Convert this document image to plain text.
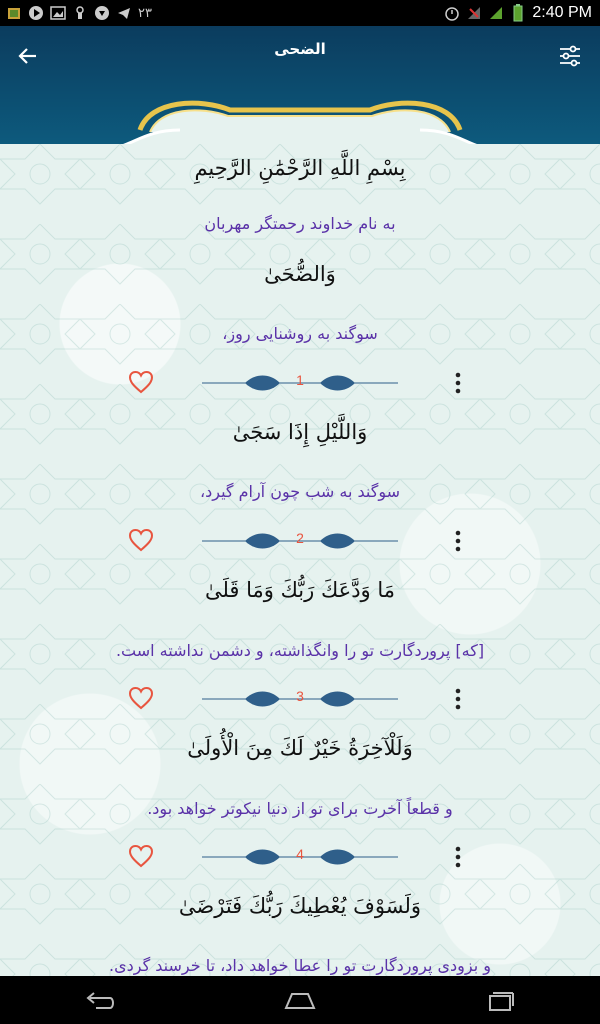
۲۳	2:40 PM
الضحی
بِسْمِ اللَّهِ الرَّحْمَٰنِ الرَّحِيمِ
به نام خداوند رحمتگر مهربان
وَالضُّحَىٰ
سوگند به روشنایی روز،
1
وَاللَّيْلِ إِذَا سَجَىٰ
سوگند به شب چون آرام گیرد،
2
مَا وَدَّعَكَ رَبُّكَ وَمَا قَلَىٰ
[که] پروردگارت تو را وانگذاشته، و دشمن نداشته است.
3
وَلَلْآخِرَةُ خَيْرٌ لَكَ مِنَ الْأُولَىٰ
و قطعاً آخرت برای تو از دنیا نیکوتر خواهد بود.
4
وَلَسَوْفَ يُعْطِيكَ رَبُّكَ فَتَرْضَىٰ
و بزودی پروردگارت تو را عطا خواهد داد، تا خرسند گردی.
